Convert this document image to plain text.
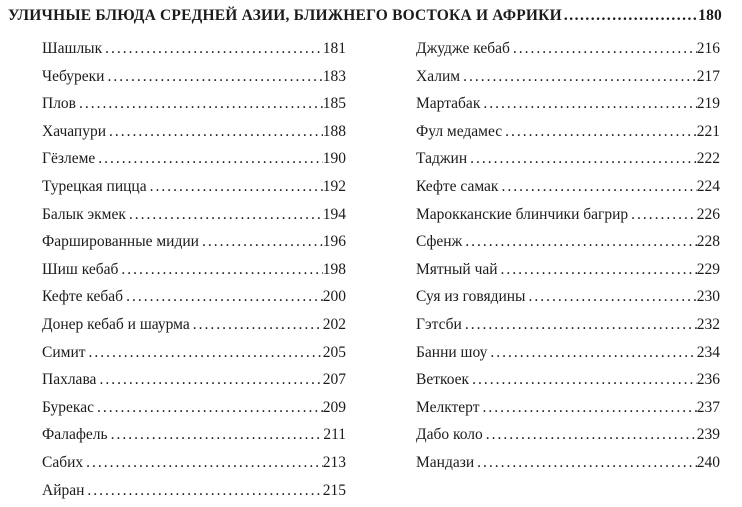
УЛИЧНЫЕ БЛЮДА СРЕДНЕЙ АЗИИ, БЛИЖНЕГО ВОСТОКА И АФРИКИ .....	180
Шашлык .....	181
Чебуреки .....	183
Плов .....	185
Хачапури .....	188
Гёзлеме .....	190
Турецкая пицца .....	192
Балык экмек .....	194
Фаршированные мидии .....	196
Шиш кебаб .....	198
Кефте кебаб .....	200
Донер кебаб и шаурма .....	202
Симит .....	205
Пахлава .....	207
Бурекас .....	209
Фалафель .....	211
Сабих .....	213
Айран .....	215
Джудже кебаб .....	216
Халим .....	217
Мартабак .....	219
Фул медамес .....	221
Таджин .....	222
Кефте самак .....	224
Марокканские блинчики багрир .....	226
Сфенж .....	228
Мятный чай .....	229
Суя из говядины .....	230
Гэтсби .....	232
Банни шоу .....	234
Веткоек .....	236
Мелктерт .....	237
Дабо коло .....	239
Мандази .....	240
